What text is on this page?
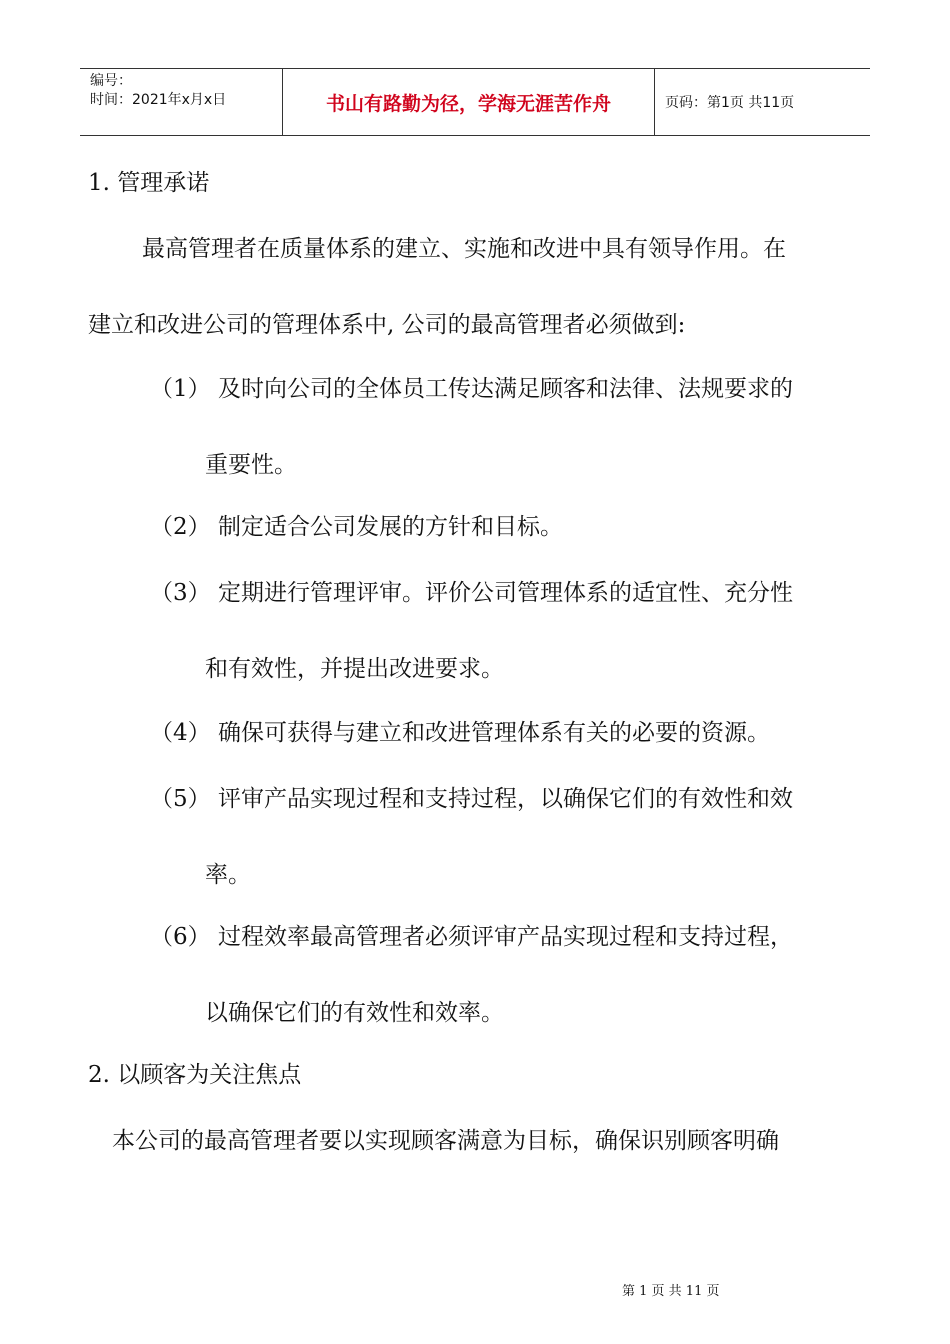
编号：
时间：2021年x月x日	书山有路勤为径，学海无涯苦作舟	页码：第1页 共11页
1. 管理承诺
最高管理者在质量体系的建立、实施和改进中具有领导作用。在
建立和改进公司的管理体系中, 公司的最高管理者必须做到:
（1） 及时向公司的全体员工传达满足顾客和法律、法规要求的
重要性。
（2） 制定适合公司发展的方针和目标。
（3） 定期进行管理评审。评价公司管理体系的适宜性、充分性
和有效性，并提出改进要求。
（4） 确保可获得与建立和改进管理体系有关的必要的资源。
（5） 评审产品实现过程和支持过程，以确保它们的有效性和效
率。
（6） 过程效率最高管理者必须评审产品实现过程和支持过程，
以确保它们的有效性和效率。
2. 以顾客为关注焦点
本公司的最高管理者要以实现顾客满意为目标，确保识别顾客明确
第 1 页 共 11 页
